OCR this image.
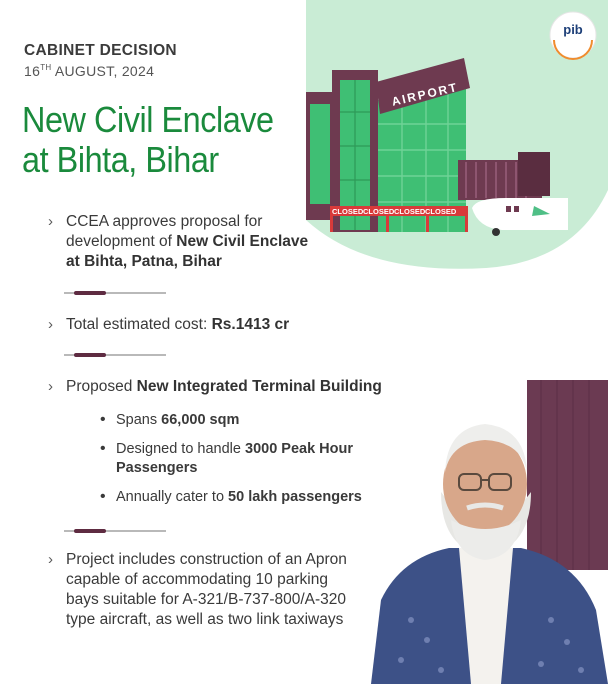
CABINET DECISION
16TH AUGUST, 2024
New Civil Enclave
at Bihta, Bihar
› CCEA approves proposal for development of New Civil Enclave at Bihta, Patna, Bihar
› Total estimated cost: Rs.1413 cr
› Proposed New Integrated Terminal Building
• Spans 66,000 sqm
• Designed to handle 3000 Peak Hour Passengers
• Annually cater to 50 lakh passengers
› Project includes construction of an Apron capable of accommodating 10 parking bays suitable for A-321/B-737-800/A-320 type aircraft, as well as two link taxiways
AIRPORT
CLOSED CLOSED CLOSED CLOSED
pib
